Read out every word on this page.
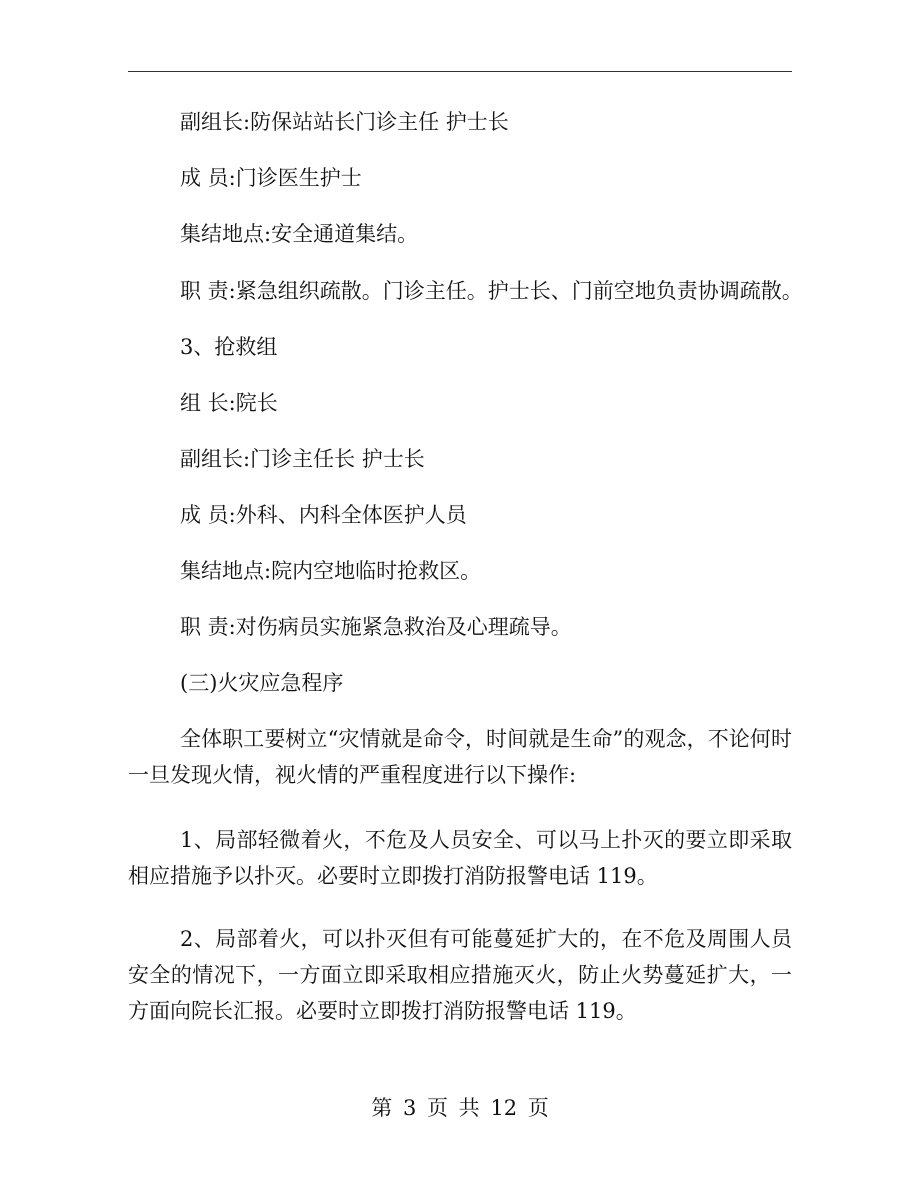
副组长:防保站站长门诊主任 护士长
成 员:门诊医生护士
集结地点:安全通道集结。
职 责:紧急组织疏散。门诊主任。护士长、门前空地负责协调疏散。
3、抢救组
组 长:院长
副组长:门诊主任长 护士长
成 员:外科、内科全体医护人员
集结地点:院内空地临时抢救区。
职 责:对伤病员实施紧急救治及心理疏导。
(三)火灾应急程序
全体职工要树立“灾情就是命令，时间就是生命”的观念，不论何时一旦发现火情，视火情的严重程度进行以下操作:
1、局部轻微着火，不危及人员安全、可以马上扑灭的要立即采取相应措施予以扑灭。必要时立即拨打消防报警电话 119。
2、局部着火，可以扑灭但有可能蔓延扩大的，在不危及周围人员安全的情况下，一方面立即采取相应措施灭火，防止火势蔓延扩大，一方面向院长汇报。必要时立即拨打消防报警电话 119。
第 3 页 共 12 页
